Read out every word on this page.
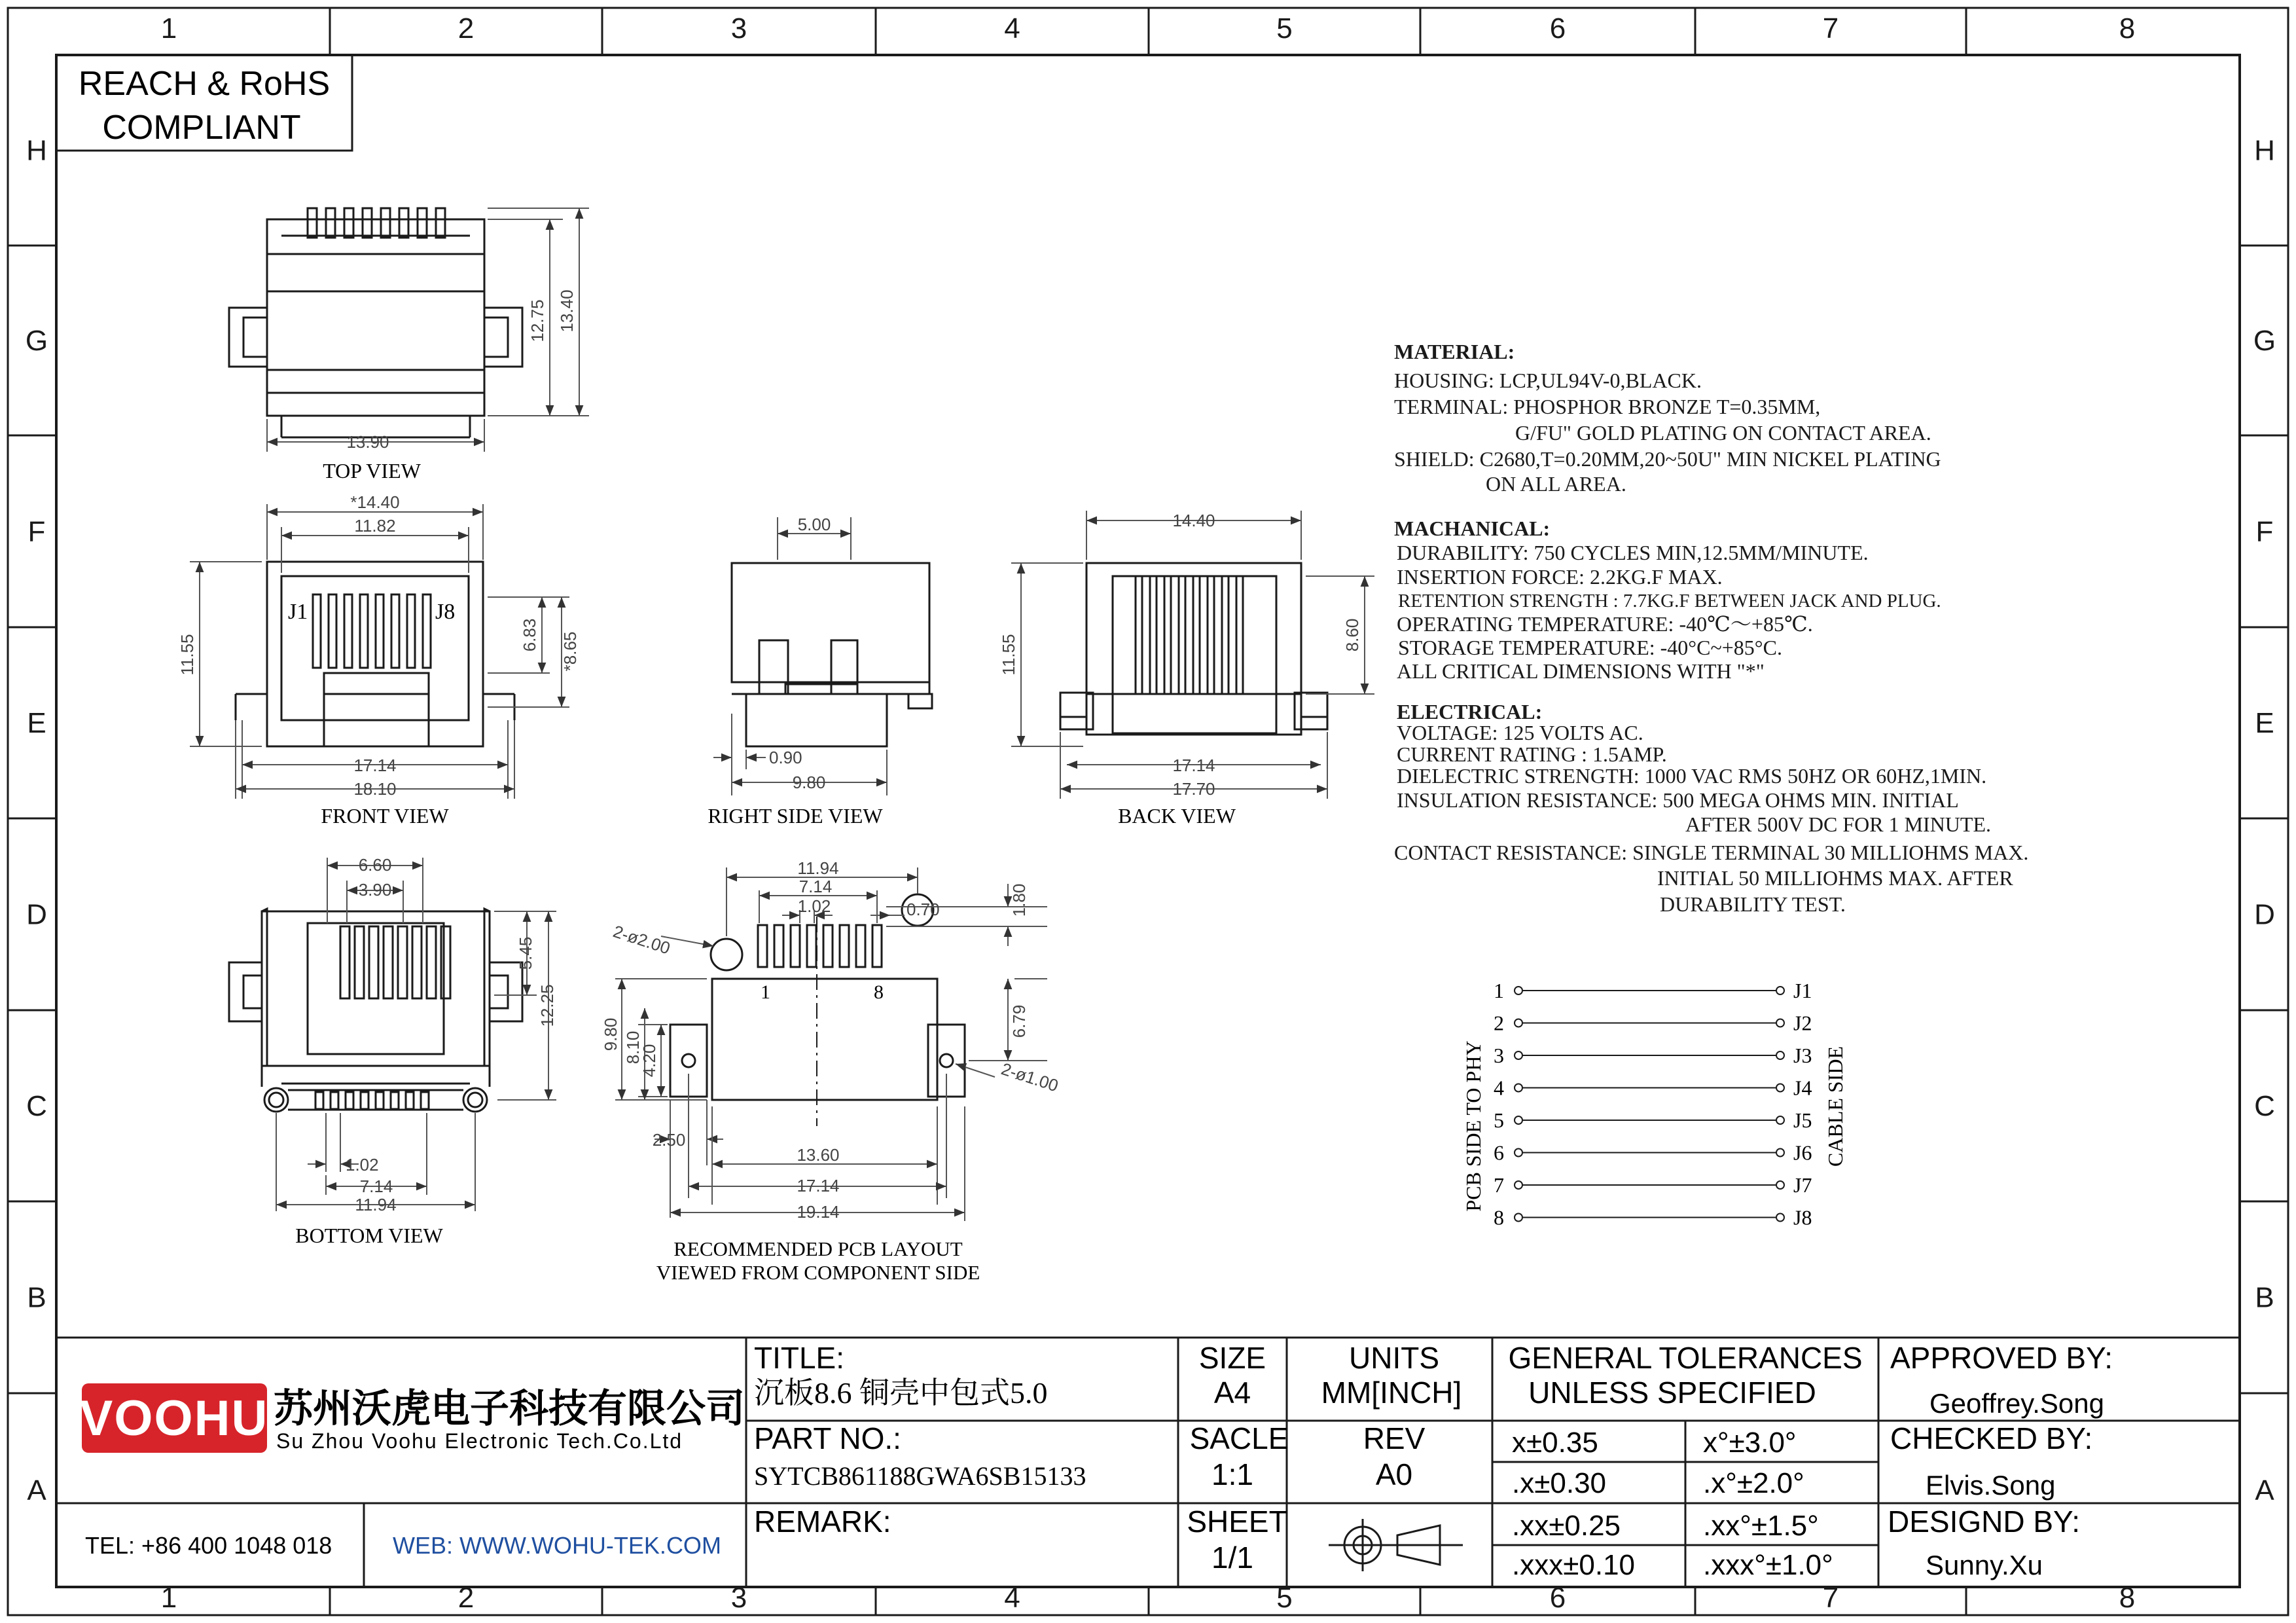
1
1
2
2
3
3
4
4
5
5
6
6
7
7
8
8
H	H
G	G
F	F
E	E
D	D
C	C
B	B
A	A
REACH & RoHS
COMPLIANT
13.90
12.75 13.40
TOP VIEW
J1	J8
*14.40
11.82
11.55	6.83 *8.65
17.14
18.10
FRONT VIEW
5.00
0.90
9.80
RIGHT SIDE VIEW
14.40
11.55	8.60
17.14
17.70
BACK VIEW
6.60
3.90
5.45
12.25
1.02
7.14
11.94
BOTTOM VIEW
11.94
7.14
1.02	0.70	1.80
2-ø2.00
6.79
2-ø1.00
9.80 8.10
4.20
2.50
13.60
17.14
19.14
1	8
RECOMMENDED PCB LAYOUT
VIEWED FROM COMPONENT SIDE
MATERIAL:
HOUSING: LCP,UL94V-0,BLACK.
TERMINAL: PHOSPHOR BRONZE T=0.35MM,
G/FU" GOLD PLATING ON CONTACT AREA.
SHIELD: C2680,T=0.20MM,20~50U" MIN NICKEL PLATING
ON ALL AREA.
MACHANICAL:
DURABILITY: 750 CYCLES MIN,12.5MM/MINUTE.
INSERTION FORCE: 2.2KG.F MAX.
RETENTION STRENGTH : 7.7KG.F BETWEEN JACK AND PLUG.
OPERATING TEMPERATURE: -40℃～+85℃.
STORAGE TEMPERATURE: -40°C~+85°C.
ALL CRITICAL DIMENSIONS WITH "*"
ELECTRICAL:
VOLTAGE: 125 VOLTS AC.
CURRENT RATING : 1.5AMP.
DIELECTRIC STRENGTH: 1000 VAC RMS 50HZ OR 60HZ,1MIN.
INSULATION RESISTANCE: 500 MEGA OHMS MIN. INITIAL
AFTER 500V DC FOR 1 MINUTE.
CONTACT RESISTANCE: SINGLE TERMINAL 30 MILLIOHMS MAX.
INITIAL 50 MILLIOHMS MAX. AFTER
DURABILITY TEST.
1	J1
2	J2
3	J3
4	J4
5	J5
6	J6
7	J7
8	J8
PCB SIDE TO PHY	CABLE SIDE
VOOHU 苏州沃虎电子科技有限公司
Su Zhou Voohu Electronic Tech.Co.Ltd
TEL: +86 400 1048 018	WEB: WWW.WOHU-TEK.COM
TITLE:
沉板8.6 铜壳中包式5.0
PART NO.:
SYTCB861188GWA6SB15133
REMARK:
SIZE
A4
SACLE
1:1
SHEET
1/1
UNITS
MM[INCH]
REV
A0
GENERAL TOLERANCES
UNLESS SPECIFIED
x±0.35	x°±3.0°
.x±0.30	.x°±2.0°
.xx±0.25	.xx°±1.5°
.xxx±0.10 .xxx°±1.0°
APPROVED BY:
Geoffrey.Song
CHECKED BY:
Elvis.Song
DESIGND BY:
Sunny.Xu
